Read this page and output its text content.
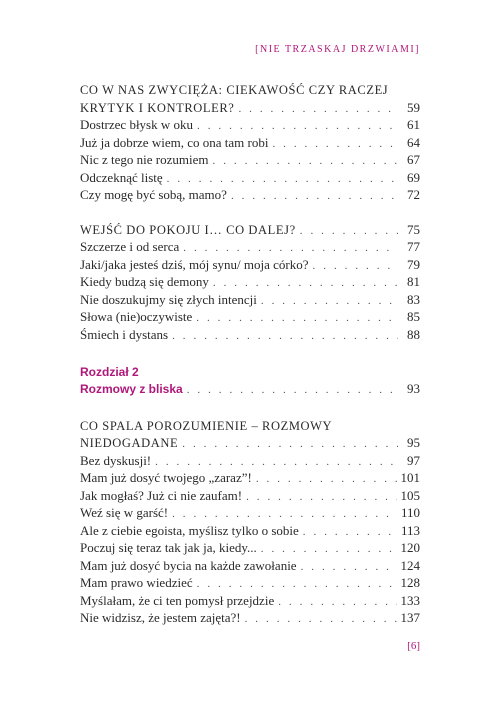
[NIE TRZASKAJ DRZWIAMI]
CO W NAS ZWYCIĘŻA: CIEKAWOŚĆ CZY RACZEJ
KRYTYK I KONTROLER? . . .	59
Dostrzec błysk w oku . . .	61
Już ja dobrze wiem, co ona tam robi . . .	64
Nic z tego nie rozumiem . . .	67
Odczeknąć listę . . .	69
Czy mogę być sobą, mamo? . . .	72
WEJŚĆ DO POKOJU I… CO DALEJ? . . .	75
Szczerze i od serca . . .	77
Jaki/jaka jesteś dziś, mój synu/ moja córko? . . .	79
Kiedy budzą się demony . . .	81
Nie doszukujmy się złych intencji . . .	83
Słowa (nie)oczywiste . . .	85
Śmiech i dystans . . .	88
Rozdział 2
Rozmowy z bliska . . .	93
CO SPALA POROZUMIENIE – ROZMOWY
NIEDOGADANE . . .	95
Bez dyskusji! . . .	97
Mam już dosyć twojego „zaraz”! . . .	101
Jak mogłaś? Już ci nie zaufam! . . .	105
Weź się w garść! . . .	110
Ale z ciebie egoista, myślisz tylko o sobie . . .	113
Poczuj się teraz tak jak ja, kiedy... . . .	120
Mam już dosyć bycia na każde zawołanie . . .	124
Mam prawo wiedzieć . . .	128
Myślałam, że ci ten pomysł przejdzie . . .	133
Nie widzisz, że jestem zajęta?! . . .	137
[6]
